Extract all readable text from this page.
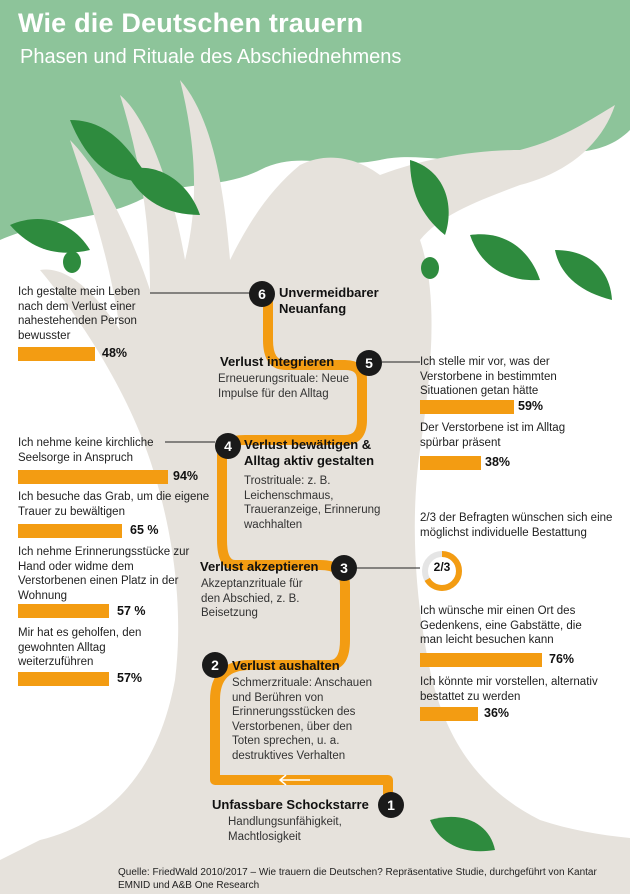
Wie die Deutschen trauern
Phasen und Rituale des Abschiednehmens
6	Unvermeidbarer Neuanfang
5
Verlust integrieren
Erneuerungsrituale: Neue Impulse für den Alltag
4 Verlust bewältigen & Alltag aktiv gestalten
Trostrituale: z. B. Leichenschmaus, Traueranzeige, Erinnerung wachhalten
3
Verlust akzeptieren
Akzeptanzrituale für den Abschied, z. B. Beisetzung
2	Verlust aushalten
Schmerzrituale: Anschauen und Berühren von Erinnerungsstücken des Verstorbenen, über den Toten sprechen, u. a. destruktives Verhalten
1
Unfassbare Schockstarre
Handlungsunfähigkeit, Machtlosigkeit
Ich gestalte mein Leben nach dem Verlust einer nahestehenden Person bewusster
48%
Ich nehme keine kirchliche Seelsorge in Anspruch
94%
Ich besuche das Grab, um die eigene Trauer zu bewältigen
65 %
Ich nehme Erinnerungsstücke zur Hand oder widme dem Verstorbenen einen Platz in der Wohnung
57 %
Mir hat es geholfen, den gewohnten Alltag weiterzuführen
57%
Ich stelle mir vor, was der Verstorbene in bestimmten Situationen getan hätte
59%
Der Verstorbene ist im Alltag spürbar präsent
38%
2/3 der Befragten wünschen sich eine möglichst individuelle Bestattung
2/3
Ich wünsche mir einen Ort des Gedenkens, eine Gabstätte, die man leicht besuchen kann
76%
Ich könnte mir vorstellen, alternativ bestattet zu werden
36%
Quelle: FriedWald 2010/2017 – Wie trauern die Deutschen? Repräsentative Studie, durchgeführt von Kantar EMNID und A&B One Research
